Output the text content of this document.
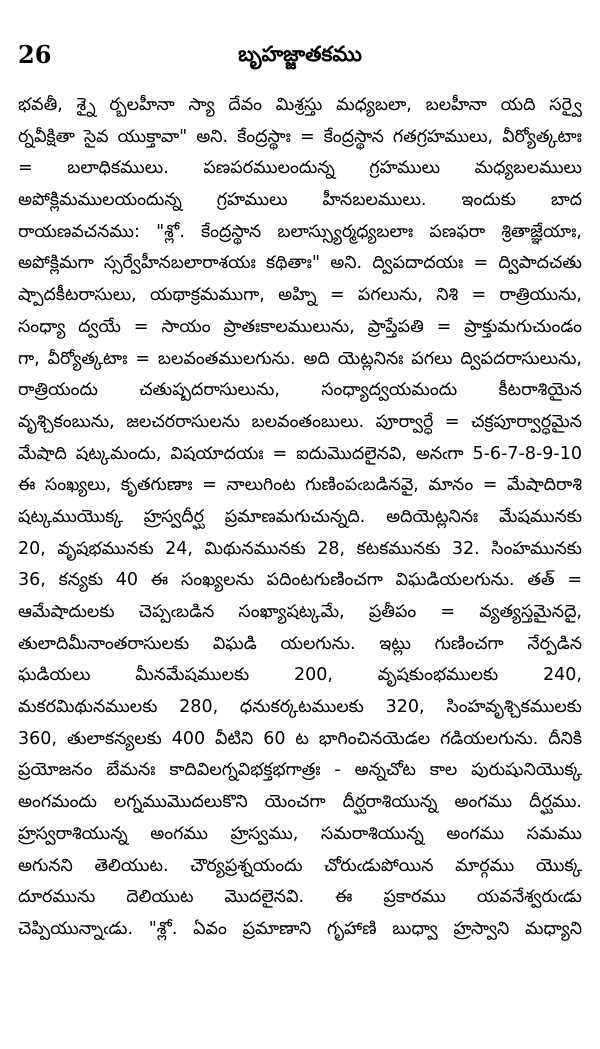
26	బృహజ్జాతకము
భవతీ, శ్నై ర్బలహీనా స్యా దేవం మిశ్రస్తు మధ్యబలా, బలహీనా యది సర్వై
ర్నవీక్షితా సైవ యుక్తావా" అని. కేంద్రస్థాః = కేంద్రస్థాన గతగ్రహములు, వీర్యోత్కటాః
= బలాధికములు. పణపరములందున్న గ్రహములు మధ్యబలములు
అపోక్లిమములయందున్న గ్రహములు హీనబలములు. ఇందుకు బాద
రాయణవచనము: "శ్లో. కేంద్రస్థాన బలాస్స్యుర్మధ్యబలాః పణఫరా శ్రితాజ్ఞేయాః,
అపోక్లిమగా స్సర్వేహీనబలారాశయః కథితాః" అని. ద్విపదాదయః = ద్విపాదచతు
ష్పాదకీటరాసులు, యథాక్రమముగా, అహ్ని = పగలును, నిశి = రాత్రియును,
సంధ్యా ద్వయే = సాయం ప్రాతఃకాలములును, ప్రాప్తేపతి = ప్రాక్తుమగుచుండం
గా, వీర్యోత్కటాః = బలవంతములగును. అది యెట్లనినః పగలు ద్విపదరాసులును,
రాత్రియందు చతుష్పదరాసులును, సంధ్యాద్వయమందు కీటరాశియైన
వృశ్చికంబును, జలచరరాసులను బలవంతంబులు. పూర్వార్ధే = చక్రపూర్వార్ధమైన
మేషాది షట్కమందు, విషయాదయః = ఐదుమొదలైనవి, అనఁగా 5-6-7-8-9-10
ఈ సంఖ్యలు, కృతగుణాః = నాలుగింట గుణింపఁబడినవై, మానం = మేషాదిరాశి
షట్కముయొక్క హ్రస్వదీర్ఘ ప్రమాణమగుచున్నది. అదియెట్లనినః మేషమునకు
20, వృషభమునకు 24, మిథునమునకు 28, కటకమునకు 32. సింహమునకు
36, కన్యకు 40 ఈ సంఖ్యలను పదింటగుణించగా విఘడియలగును. తత్ =
ఆమేషాదులకు చెప్పఁబడిన సంఖ్యాషట్కమే, ప్రతీపం = వ్యత్యస్తమైనదై,
తులాదిమీనాంతరాసులకు విఘడి యలగును. ఇట్లు గుణించగా నేర్పడిన
ఘడియలు మీనమేషములకు 200, వృషకుంభములకు 240,
మకరమిథునములకు 280, ధనుకర్కటములకు 320, సింహవృశ్చికములకు
360, తులాకన్యలకు 400 వీటిని 60 ట భాగించినయెడల గడియలగును. దీనికి
ప్రయోజనం బేమనః కాదివిలగ్నవిభక్తభగాత్రః - అన్నచోట కాల పురుషునియొక్క
అంగమందు లగ్నముమొదలుకొని యెంచగా దీర్ఘరాశియున్న అంగము దీర్ఘము.
హ్రస్వరాశియున్న అంగము హ్రస్వము, సమరాశియున్న అంగము సమము
అగునని తెలియుట. చౌర్యప్రశ్నయందు చోరుఁడుపోయిన మార్గము యొక్క
దూరమును దెలియుట మొదలైనవి. ఈ ప్రకారము యవనేశ్వరుఁడు
చెప్పియున్నాఁడు. "శ్లో. ఏవం ప్రమాణాని గృహాణి బుధ్వా హ్రస్వాని మధ్యాని
